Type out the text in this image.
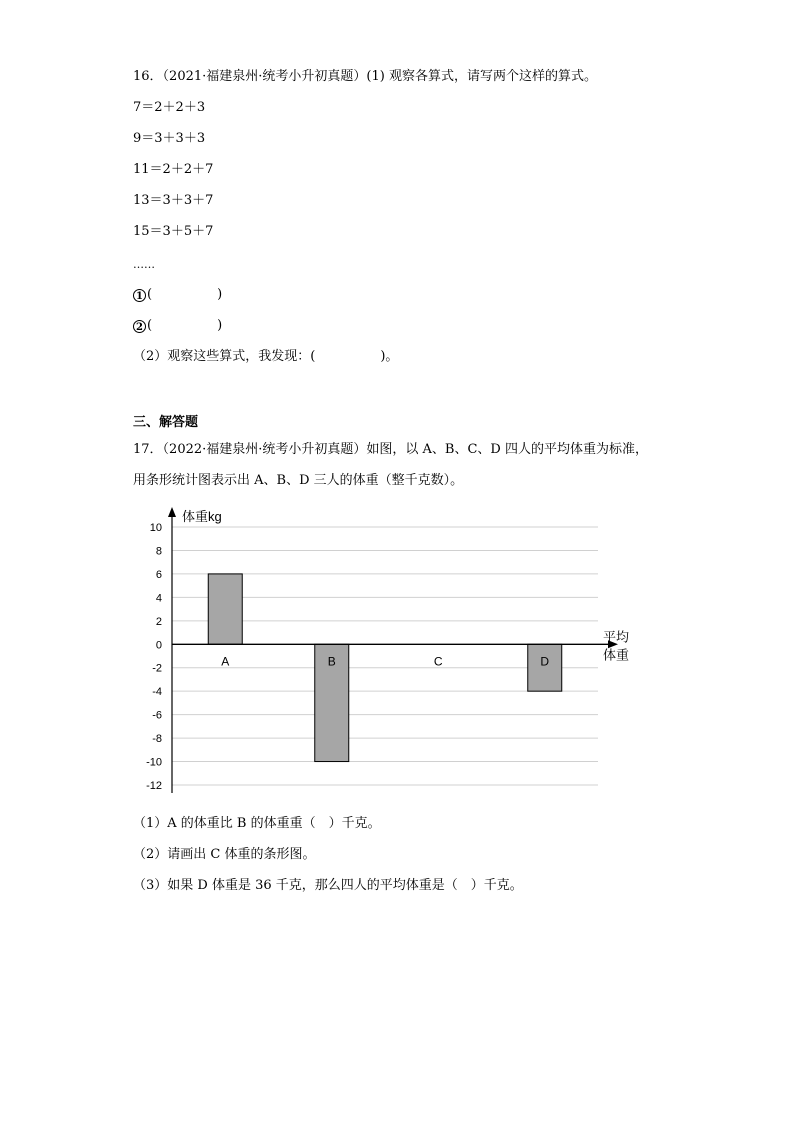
16．（2021·福建泉州·统考小升初真题）(1) 观察各算式，请写两个这样的算式。
7＝2＋2＋3
9＝3＋3＋3
11＝2＋2＋7
13＝3＋3＋7
15＝3＋5＋7
……
1 (　　　　　)
2 (　　　　　)
（2）观察这些算式，我发现：(　　　　　)。
三、解答题
17．（2022·福建泉州·统考小升初真题）如图，以 A、B、C、D 四人的平均体重为标准，
用条形统计图表示出 A、B、D 三人的体重（整千克数）。
10
8
6
4
2
0
-2
-4
-6
-8
-10
-12
A	B	C	D
体重kg
平均
体重
（1）A 的体重比 B 的体重重（　）千克。
（2）请画出 C 体重的条形图。
（3）如果 D 体重是 36 千克，那么四人的平均体重是（　）千克。
